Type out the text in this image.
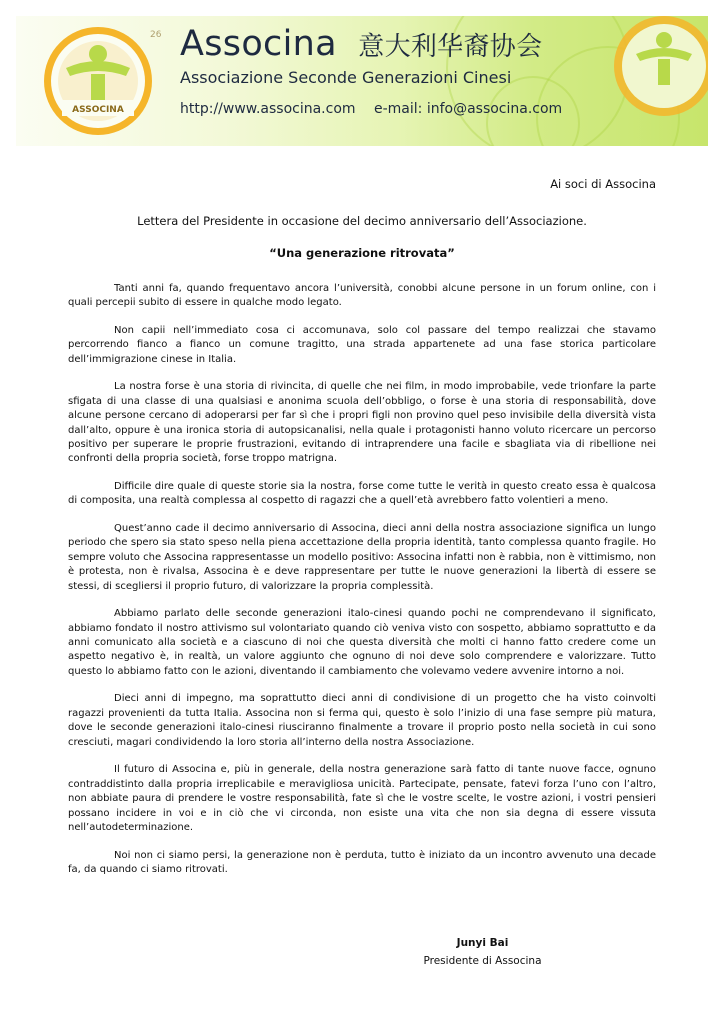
ASSOCINA
26 Associna 意大利华裔协会
Associazione Seconde Generazioni Cinesi
http://www.associna.com e-mail: info@associna.com
Ai soci di Associna
Lettera del Presidente in occasione del decimo anniversario dell’Associazione.
“Una generazione ritrovata”

Tanti anni fa, quando frequentavo ancora l’università, conobbi alcune persone in un forum online, con i quali percepii subito di essere in qualche modo legato.

Non capii nell’immediato cosa ci accomunava, solo col passare del tempo realizzai che stavamo percorrendo fianco a fianco un comune tragitto, una strada appartenete ad una fase storica particolare dell’immigrazione cinese in Italia.

La nostra forse è una storia di rivincita, di quelle che nei film, in modo improbabile, vede trionfare la parte sfigata di una classe di una qualsiasi e anonima scuola dell’obbligo, o forse è una storia di responsabilità, dove alcune persone cercano di adoperarsi per far sì che i propri figli non provino quel peso invisibile della diversità vista dall’alto, oppure è una ironica storia di autopsicanalisi, nella quale i protagonisti hanno voluto ricercare un percorso positivo per superare le proprie frustrazioni, evitando di intraprendere una facile e sbagliata via di ribellione nei confronti della propria società, forse troppo matrigna.

Difficile dire quale di queste storie sia la nostra, forse come tutte le verità in questo creato essa è qualcosa di composita, una realtà complessa al cospetto di ragazzi che a quell’età avrebbero fatto volentieri a meno.

Quest’anno cade il decimo anniversario di Associna, dieci anni della nostra associazione significa un lungo periodo che spero sia stato speso nella piena accettazione della propria identità, tanto complessa quanto fragile. Ho sempre voluto che Associna rappresentasse un modello positivo: Associna infatti non è rabbia, non è vittimismo, non è protesta, non è rivalsa, Associna è e deve rappresentare per tutte le nuove generazioni la libertà di essere se stessi, di scegliersi il proprio futuro, di valorizzare la propria complessità.

Abbiamo parlato delle seconde generazioni italo-cinesi quando pochi ne comprendevano il significato, abbiamo fondato il nostro attivismo sul volontariato quando ciò veniva visto con sospetto, abbiamo soprattutto e da anni comunicato alla società e a ciascuno di noi che questa diversità che molti ci hanno fatto credere come un aspetto negativo è, in realtà, un valore aggiunto che ognuno di noi deve solo comprendere e valorizzare. Tutto questo lo abbiamo fatto con le azioni, diventando il cambiamento che volevamo vedere avvenire intorno a noi.

Dieci anni di impegno, ma soprattutto dieci anni di condivisione di un progetto che ha visto coinvolti ragazzi provenienti da tutta Italia. Associna non si ferma qui, questo è solo l’inizio di una fase sempre più matura, dove le seconde generazioni italo-cinesi riusciranno finalmente a trovare il proprio posto nella società in cui sono cresciuti, magari condividendo la loro storia all’interno della nostra Associazione.

Il futuro di Associna e, più in generale, della nostra generazione sarà fatto di tante nuove facce, ognuno contraddistinto dalla propria irreplicabile e meravigliosa unicità. Partecipate, pensate, fatevi forza l’uno con l’altro, non abbiate paura di prendere le vostre responsabilità, fate sì che le vostre scelte, le vostre azioni, i vostri pensieri possano incidere in voi e in ciò che vi circonda, non esiste una vita che non sia degna di essere vissuta nell’autodeterminazione.

Noi non ci siamo persi, la generazione non è perduta, tutto è iniziato da un incontro avvenuto una decade fa, da quando ci siamo ritrovati.

Junyi Bai
Presidente di Associna
